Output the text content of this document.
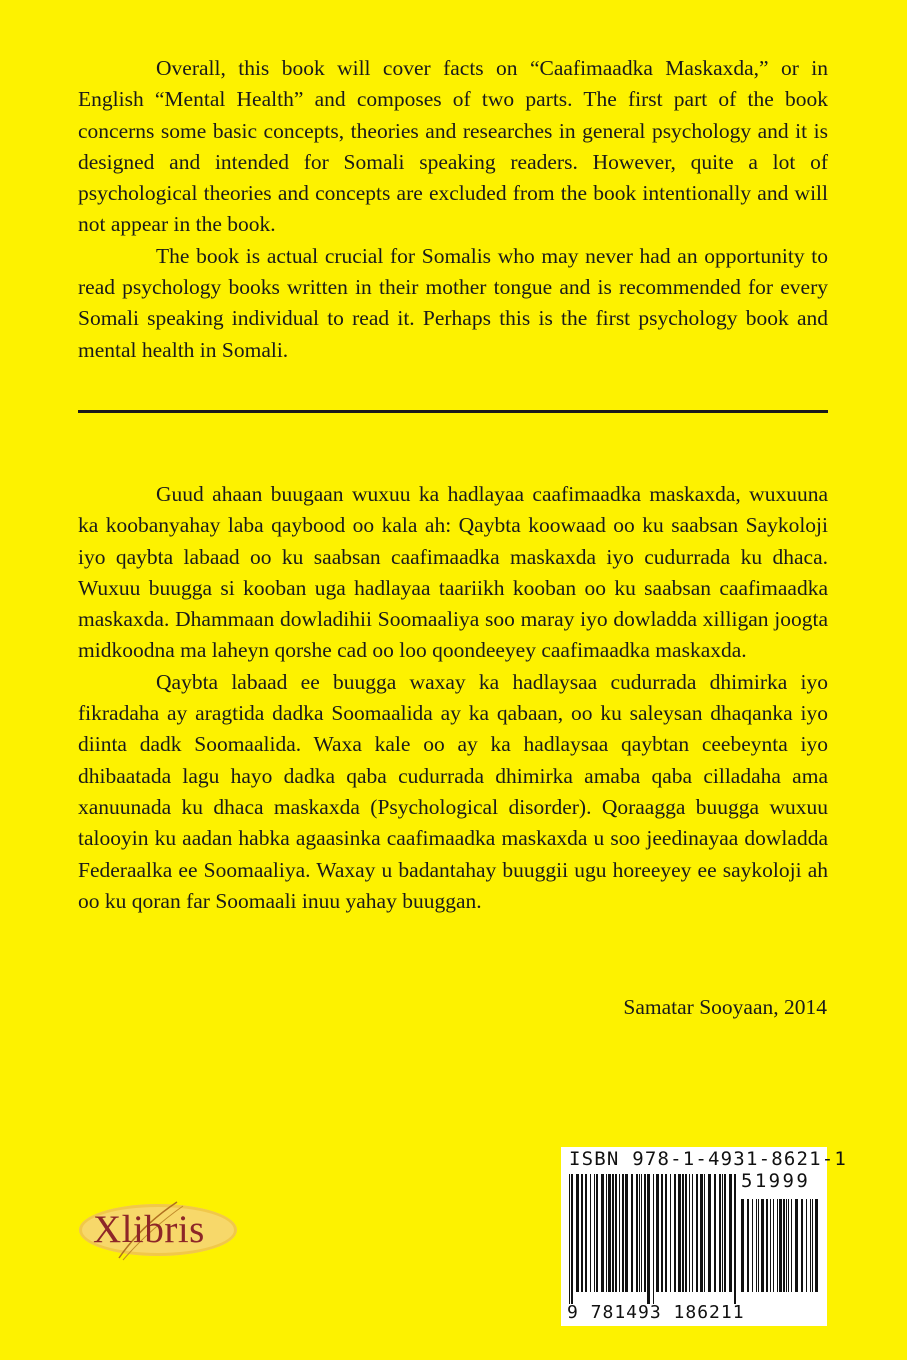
Overall, this book will cover facts on “Caafimaadka Maskaxda,” or in English “Mental Health” and composes of two parts. The first part of the book concerns some basic concepts, theories and researches in general psychology and it is designed and intended for Somali speaking readers. However, quite a lot of psychological theories and concepts are excluded from the book intentionally and will not appear in the book.

The book is actual crucial for Somalis who may never had an opportunity to read psychology books written in their mother tongue and is recommended for every Somali speaking individual to read it. Perhaps this is the first psychology book and mental health in Somali.

Guud ahaan buugaan wuxuu ka hadlayaa caafimaadka maskaxda, wuxuuna ka koobanyahay laba qaybood oo kala ah: Qaybta koowaad oo ku saabsan Saykoloji iyo qaybta labaad oo ku saabsan caafimaadka maskaxda iyo cudurrada ku dhaca. Wuxuu buugga si kooban uga hadlayaa taariikh kooban oo ku saabsan caafimaadka maskaxda. Dhammaan dowladihii Soomaaliya soo maray iyo dowladda xilligan joogta midkoodna ma laheyn qorshe cad oo loo qoondeeyey caafimaadka maskaxda.

Qaybta labaad ee buugga waxay ka hadlaysaa cudurrada dhimirka iyo fikradaha ay aragtida dadka Soomaalida ay ka qabaan, oo ku saleysan dhaqanka iyo diinta dadk Soomaalida. Waxa kale oo ay ka hadlaysaa qaybtan ceebeynta iyo dhibaatada lagu hayo dadka qaba cudurrada dhimirka amaba qaba cilladaha ama xanuunada ku dhaca maskaxda (Psychological disorder). Qoraagga buugga wuxuu talooyin ku aadan habka agaasinka caafimaadka maskaxda u soo jeedinayaa dowladda Federaalka ee Soomaaliya. Waxay u badantahay buuggii ugu horeeyey ee saykoloji ah oo ku qoran far Soomaali inuu yahay buuggan.

Samatar Sooyaan, 2014
Xlibris
ISBN 978-1-4931-8621-1
51999
9 781493 186211
